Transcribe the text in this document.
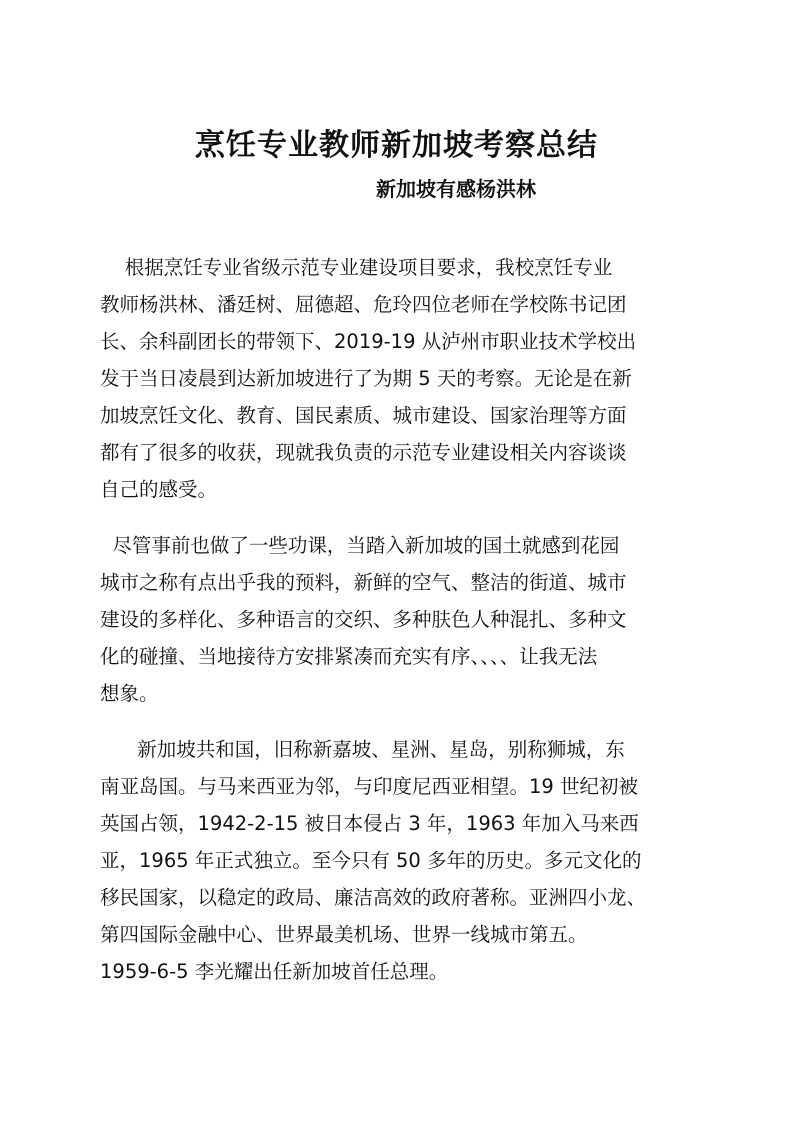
烹饪专业教师新加坡考察总结
新加坡有感杨洪林
根据烹饪专业省级示范专业建设项目要求，我校烹饪专业
教师杨洪林、潘廷树、屈德超、危玲四位老师在学校陈书记团
长、余科副团长的带领下、2019-19 从泸州市职业技术学校出
发于当日凌晨到达新加坡进行了为期 5 天的考察。无论是在新
加坡烹饪文化、教育、国民素质、城市建设、国家治理等方面
都有了很多的收获，现就我负责的示范专业建设相关内容谈谈
自己的感受。
尽管事前也做了一些功课，当踏入新加坡的国土就感到花园
城市之称有点出乎我的预料，新鲜的空气、整洁的街道、城市
建设的多样化、多种语言的交织、多种肤色人种混扎、多种文
化的碰撞、当地接待方安排紧凑而充实有序、、、、让我无法
想象。
新加坡共和国，旧称新嘉坡、星洲、星岛，别称狮城，东
南亚岛国。与马来西亚为邻，与印度尼西亚相望。19 世纪初被
英国占领，1942-2-15 被日本侵占 3 年，1963 年加入马来西
亚，1965 年正式独立。至今只有 50 多年的历史。多元文化的
移民国家，以稳定的政局、廉洁高效的政府著称。亚洲四小龙、
第四国际金融中心、世界最美机场、世界一线城市第五。
1959-6-5 李光耀出任新加坡首任总理。
